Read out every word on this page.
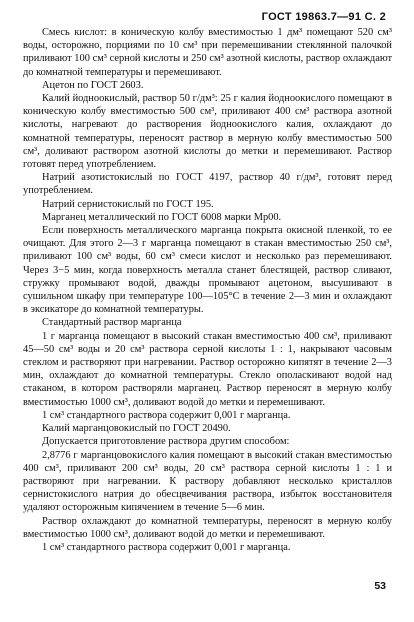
ГОСТ 19863.7—91 С. 2

Смесь кислот: в коническую колбу вместимостью 1 дм³ помещают 520 см³ воды, осторожно, порциями по 10 см³ при перемешивании стеклянной палочкой приливают 100 см³ серной кислоты и 250 см³ азотной кислоты, раствор охлаждают до комнатной температуры и перемешивают.

Ацетон по ГОСТ 2603.

Калий йодноокислый, раствор 50 г/дм³: 25 г калия йодноокислого помещают в коническую колбу вместимостью 500 см³, приливают 400 см³ раствора азотной кислоты, нагревают до растворения йодноокислого калия, охлаждают до комнатной температуры, переносят раствор в мерную колбу вместимостью 500 см³, доливают раствором азотной кислоты до метки и перемешивают. Раствор готовят перед употреблением.

Натрий азотистокислый по ГОСТ 4197, раствор 40 г/дм³, готовят перед употреблением.

Натрий сернистокислый по ГОСТ 195.

Марганец металлический по ГОСТ 6008 марки Мр00.

Если поверхность металлического марганца покрыта окисной пленкой, то ее очищают. Для этого 2—3 г марганца помещают в стакан вместимостью 250 см³, приливают 100 см³ воды, 60 см³ смеси кислот и несколько раз перемешивают. Через 3−5 мин, когда поверхность металла станет блестящей, раствор сливают, стружку промывают водой, дважды промывают ацетоном, высушивают в сушильном шкафу при температуре 100—105°С в течение 2—3 мин и охлаждают в эксикаторе до комнатной температуры.

Стандартный раствор марганца

1 г марганца помещают в высокий стакан вместимостью 400 см³, приливают 45—50 см³ воды и 20 см³ раствора серной кислоты 1 : 1, накрывают часовым стеклом и растворяют при нагревании. Раствор осторожно кипятят в течение 2—3 мин, охлаждают до комнатной температуры. Стекло ополаскивают водой над стаканом, в котором растворяли марганец. Раствор переносят в мерную колбу вместимостью 1000 см³, доливают водой до метки и перемешивают.

1 см³ стандартного раствора содержит 0,001 г марганца.

Калий марганцовокислый по ГОСТ 20490.

Допускается приготовление раствора другим способом:

2,8776 г марганцовокислого калия помещают в высокий стакан вместимостью 400 см³, приливают 200 см³ воды, 20 см³ раствора серной кислоты 1 : 1 и растворяют при нагревании. К раствору добавляют несколько кристаллов сернистокислого натрия до обесцвечивания раствора, избыток восстановителя удаляют осторожным кипячением в течение 5—6 мин.

Раствор охлаждают до комнатной температуры, переносят в мерную колбу вместимостью 1000 см³, доливают водой до метки и перемешивают.

1 см³ стандартного раствора содержит 0,001 г марганца.

53
